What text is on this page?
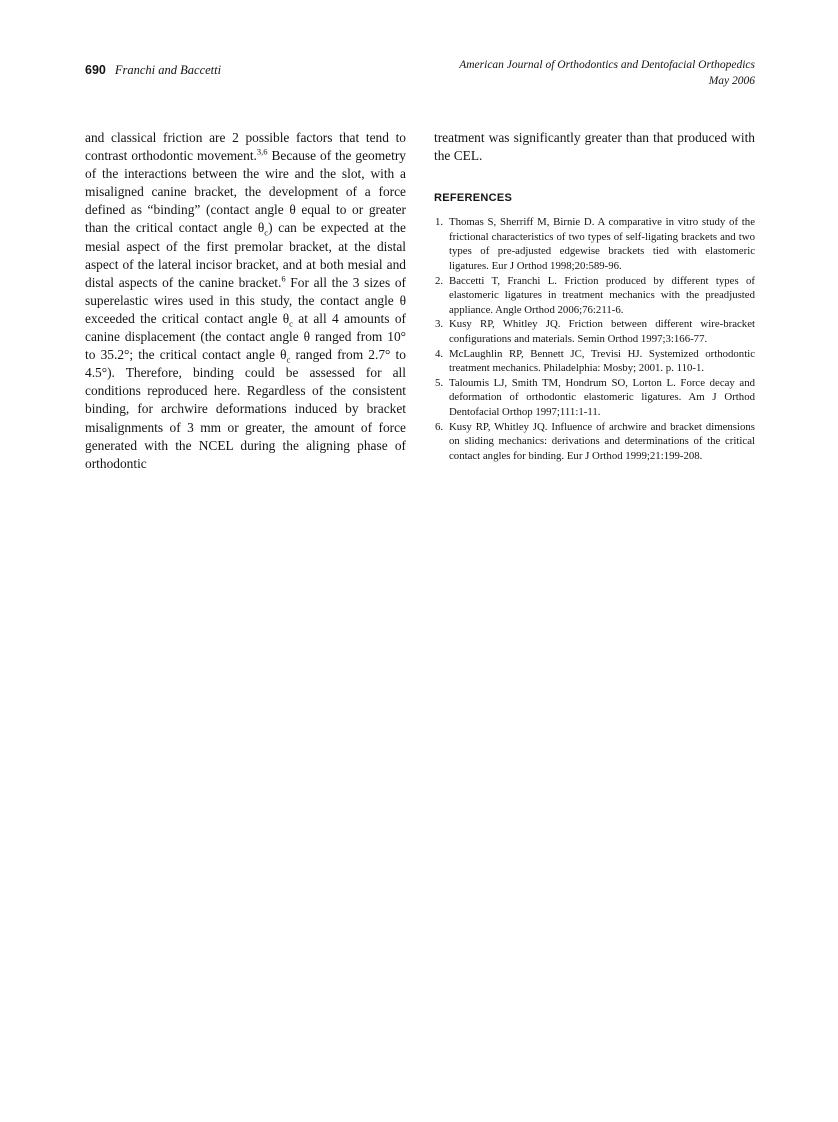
690 Franchi and Baccetti	American Journal of Orthodontics and Dentofacial Orthopedics
May 2006

and classical friction are 2 possible factors that tend to contrast orthodontic movement.$^{3,6}$ Because of the geometry of the interactions between the wire and the slot, with a misaligned canine bracket, the development of a force defined as “binding” (contact angle θ equal to or greater than the critical contact angle $\theta_c$) can be expected at the mesial aspect of the first premolar bracket, at the distal aspect of the lateral incisor bracket, and at both mesial and distal aspects of the canine bracket.$^6$ For all the 3 sizes of superelastic wires used in this study, the contact angle θ exceeded the critical contact angle $\theta_c$ at all 4 amounts of canine displacement (the contact angle θ ranged from 10° to 35.2°; the critical contact angle $\theta_c$ ranged from 2.7° to 4.5°). Therefore, binding could be assessed for all conditions reproduced here. Regardless of the consistent binding, for archwire deformations induced by bracket misalignments of 3 mm or greater, the amount of force generated with the NCEL during the aligning phase of orthodontic

treatment was significantly greater than that produced with the CEL.

REFERENCES
1. Thomas S, Sherriff M, Birnie D. A comparative in vitro study of the frictional characteristics of two types of self-ligating brackets and two types of pre-adjusted edgewise brackets tied with elastomeric ligatures. Eur J Orthod 1998;20:589-96.
2. Baccetti T, Franchi L. Friction produced by different types of elastomeric ligatures in treatment mechanics with the preadjusted appliance. Angle Orthod 2006;76:211-6.
3. Kusy RP, Whitley JQ. Friction between different wire-bracket configurations and materials. Semin Orthod 1997;3:166-77.
4. McLaughlin RP, Bennett JC, Trevisi HJ. Systemized orthodontic treatment mechanics. Philadelphia: Mosby; 2001. p. 110-1.
5. Taloumis LJ, Smith TM, Hondrum SO, Lorton L. Force decay and deformation of orthodontic elastomeric ligatures. Am J Orthod Dentofacial Orthop 1997;111:1-11.
6. Kusy RP, Whitley JQ. Influence of archwire and bracket dimensions on sliding mechanics: derivations and determinations of the critical contact angles for binding. Eur J Orthod 1999;21:199-208.
